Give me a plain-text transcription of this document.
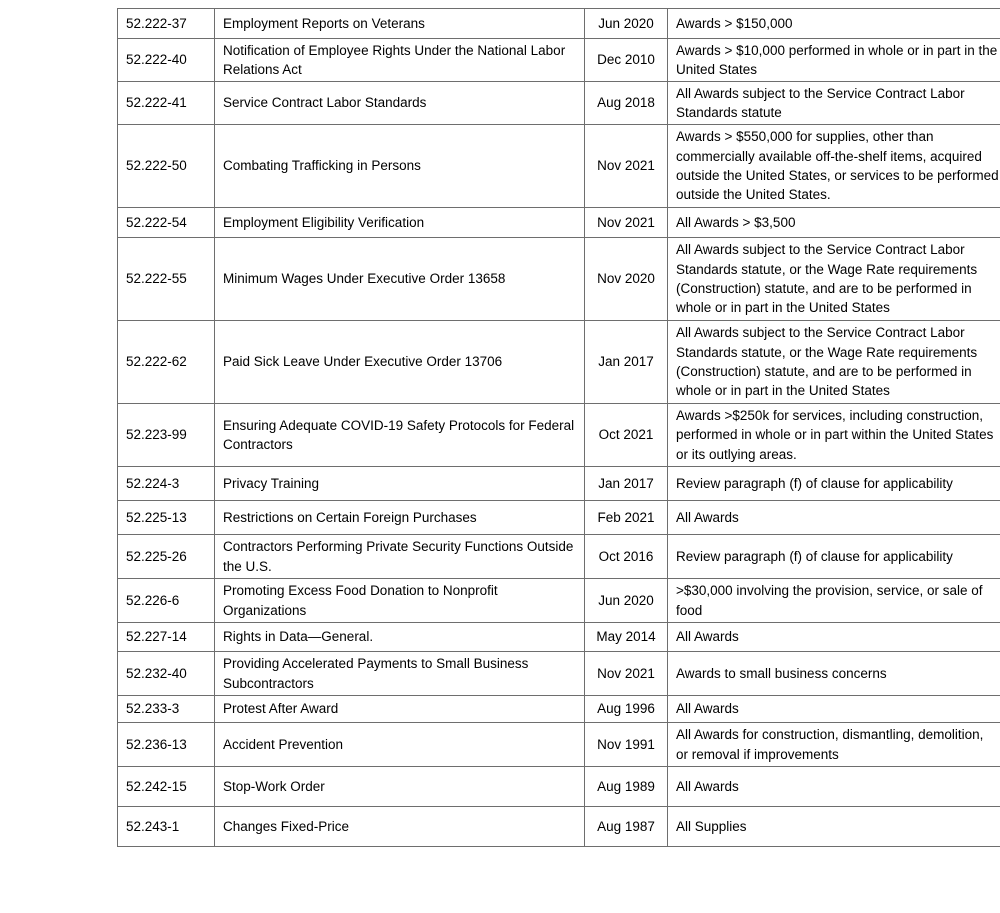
52.222-37	Employment Reports on Veterans	Jun 2020	Awards > $150,000
52.222-40	Notification of Employee Rights Under the National Labor Relations Act	Dec 2010	Awards > $10,000 performed in whole or in part in the United States
52.222-41	Service Contract Labor Standards	Aug 2018	All Awards subject to the Service Contract Labor Standards statute
52.222-50	Combating Trafficking in Persons	Nov 2021	Awards > $550,000 for supplies, other than commercially available off-the-shelf items, acquired outside the United States, or services to be performed outside the United States.
52.222-54	Employment Eligibility Verification	Nov 2021	All Awards > $3,500
52.222-55	Minimum Wages Under Executive Order 13658	Nov 2020	All Awards subject to the Service Contract Labor Standards statute, or the Wage Rate requirements (Construction) statute, and are to be performed in whole or in part in the United States
52.222-62	Paid Sick Leave Under Executive Order 13706	Jan 2017	All Awards subject to the Service Contract Labor Standards statute, or the Wage Rate requirements (Construction) statute, and are to be performed in whole or in part in the United States
52.223-99	Ensuring Adequate COVID-19 Safety Protocols for Federal Contractors	Oct 2021	Awards >$250k for services, including construction, performed in whole or in part within the United States or its outlying areas.
52.224-3	Privacy Training	Jan 2017	Review paragraph (f) of clause for applicability
52.225-13	Restrictions on Certain Foreign Purchases	Feb 2021	All Awards
52.225-26	Contractors Performing Private Security Functions Outside the U.S.	Oct 2016	Review paragraph (f) of clause for applicability
52.226-6	Promoting Excess Food Donation to Nonprofit Organizations	Jun 2020	>$30,000 involving the provision, service, or sale of food
52.227-14	Rights in Data—General.	May 2014	All Awards
52.232-40	Providing Accelerated Payments to Small Business Subcontractors	Nov 2021	Awards to small business concerns
52.233-3	Protest After Award	Aug 1996	All Awards
52.236-13	Accident Prevention	Nov 1991	All Awards for construction, dismantling, demolition, or removal if improvements
52.242-15	Stop-Work Order	Aug 1989	All Awards
52.243-1	Changes Fixed-Price	Aug 1987	All Supplies
